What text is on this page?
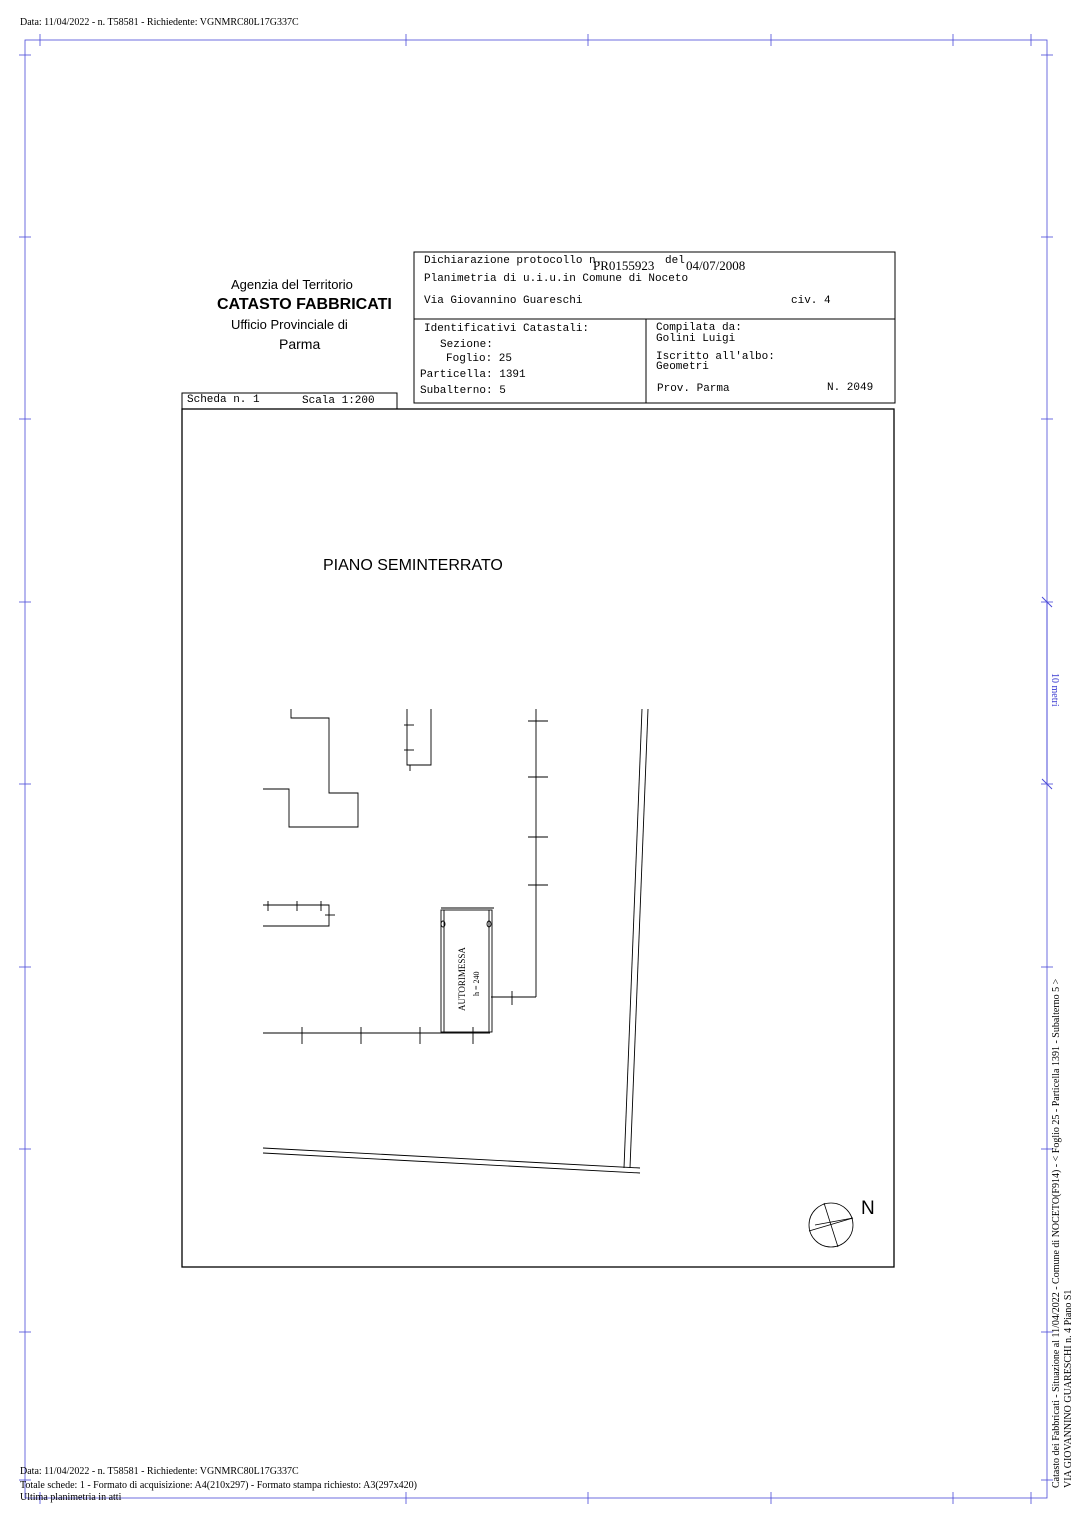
Data: 11/04/2022 - n. T58581 - Richiedente: VGNMRC80L17G337C
Agenzia del Territorio
CATASTO FABBRICATI
Ufficio Provinciale di
Parma
Dichiarazione protocollo n.
PR0155923 del 04/07/2008
Planimetria di u.i.u.in Comune di Noceto
Via Giovannino Guareschi	civ. 4
Identificativi Catastali:
Sezione:
Foglio: 25
Particella: 1391
Subalterno: 5
Compilata da:
Golini Luigi
Iscritto all'albo:
Geometri
Prov. Parma	N. 2049
Scheda n. 1	Scala 1:200
PIANO SEMINTERRATO
AUTORIMESSA h = 240
N
10 metri
Catasto dei Fabbricati - Situazione al 11/04/2022 - Comune di NOCETO(F914) - < Foglio 25 - Particella 1391 - Subalterno 5 > VIA GIOVANNINO GUARESCHI n. 4 Piano S1
Data: 11/04/2022 - n. T58581 - Richiedente: VGNMRC80L17G337C
Totale schede: 1 - Formato di acquisizione: A4(210x297) - Formato stampa richiesto: A3(297x420)
Ultima planimetria in atti
